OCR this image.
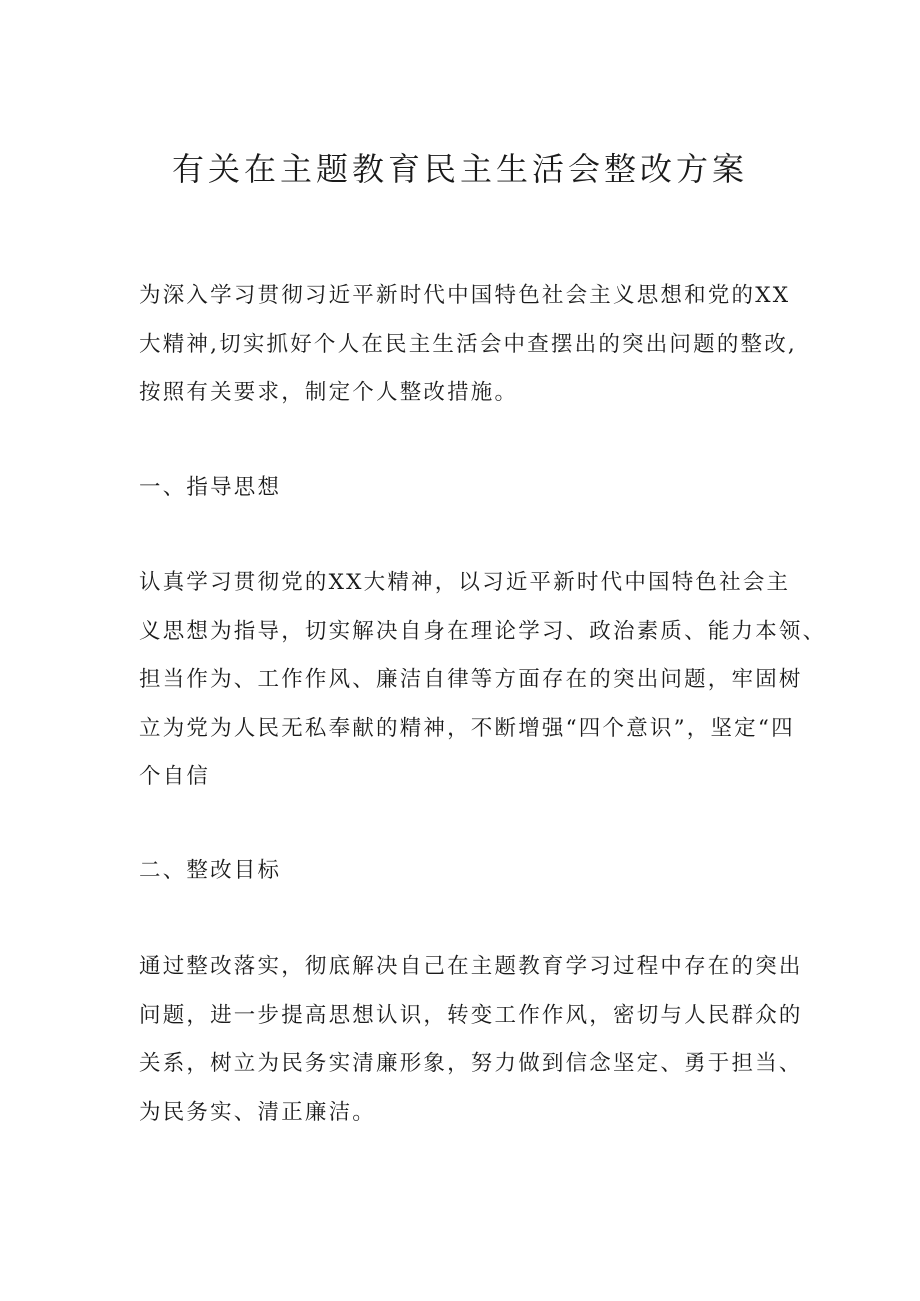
有关在主题教育民主生活会整改方案

为深入学习贯彻习近平新时代中国特色社会主义思想和党的XX
大精神,切实抓好个人在民主生活会中查摆出的突出问题的整改,
按照有关要求，制定个人整改措施。

一、指导思想

认真学习贯彻党的XX大精神，以习近平新时代中国特色社会主
义思想为指导，切实解决自身在理论学习、政治素质、能力本领、
担当作为、工作作风、廉洁自律等方面存在的突出问题，牢固树
立为党为人民无私奉献的精神，不断增强“四个意识”，坚定“四
个自信

二、整改目标

通过整改落实，彻底解决自己在主题教育学习过程中存在的突出
问题，进一步提高思想认识，转变工作作风，密切与人民群众的
关系，树立为民务实清廉形象，努力做到信念坚定、勇于担当、
为民务实、清正廉洁。
